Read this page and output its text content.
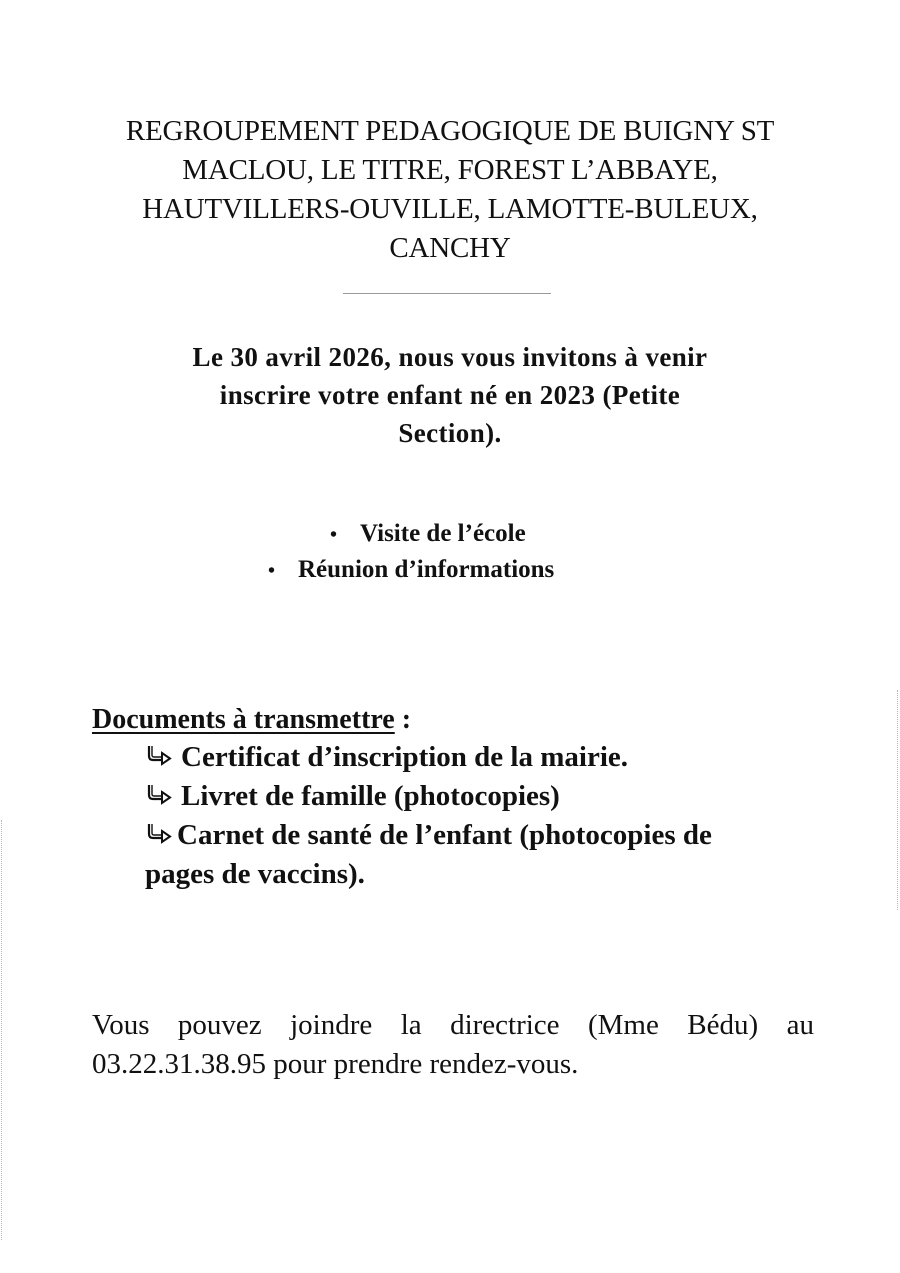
REGROUPEMENT PEDAGOGIQUE DE BUIGNY ST
MACLOU, LE TITRE, FOREST L’ABBAYE,
HAUTVILLERS-OUVILLE, LAMOTTE-BULEUX,
CANCHY
Le 30 avril 2026, nous vous invitons à venir
inscrire votre enfant né en 2023 (Petite
Section).
• Visite de l’école
• Réunion d’informations
Documents à transmettre :
Certificat d’inscription de la mairie.
Livret de famille (photocopies)
Carnet de santé de l’enfant (photocopies de
pages de vaccins).
Vous pouvez joindre la directrice (Mme Bédu) au
03.22.31.38.95 pour prendre rendez-vous.
